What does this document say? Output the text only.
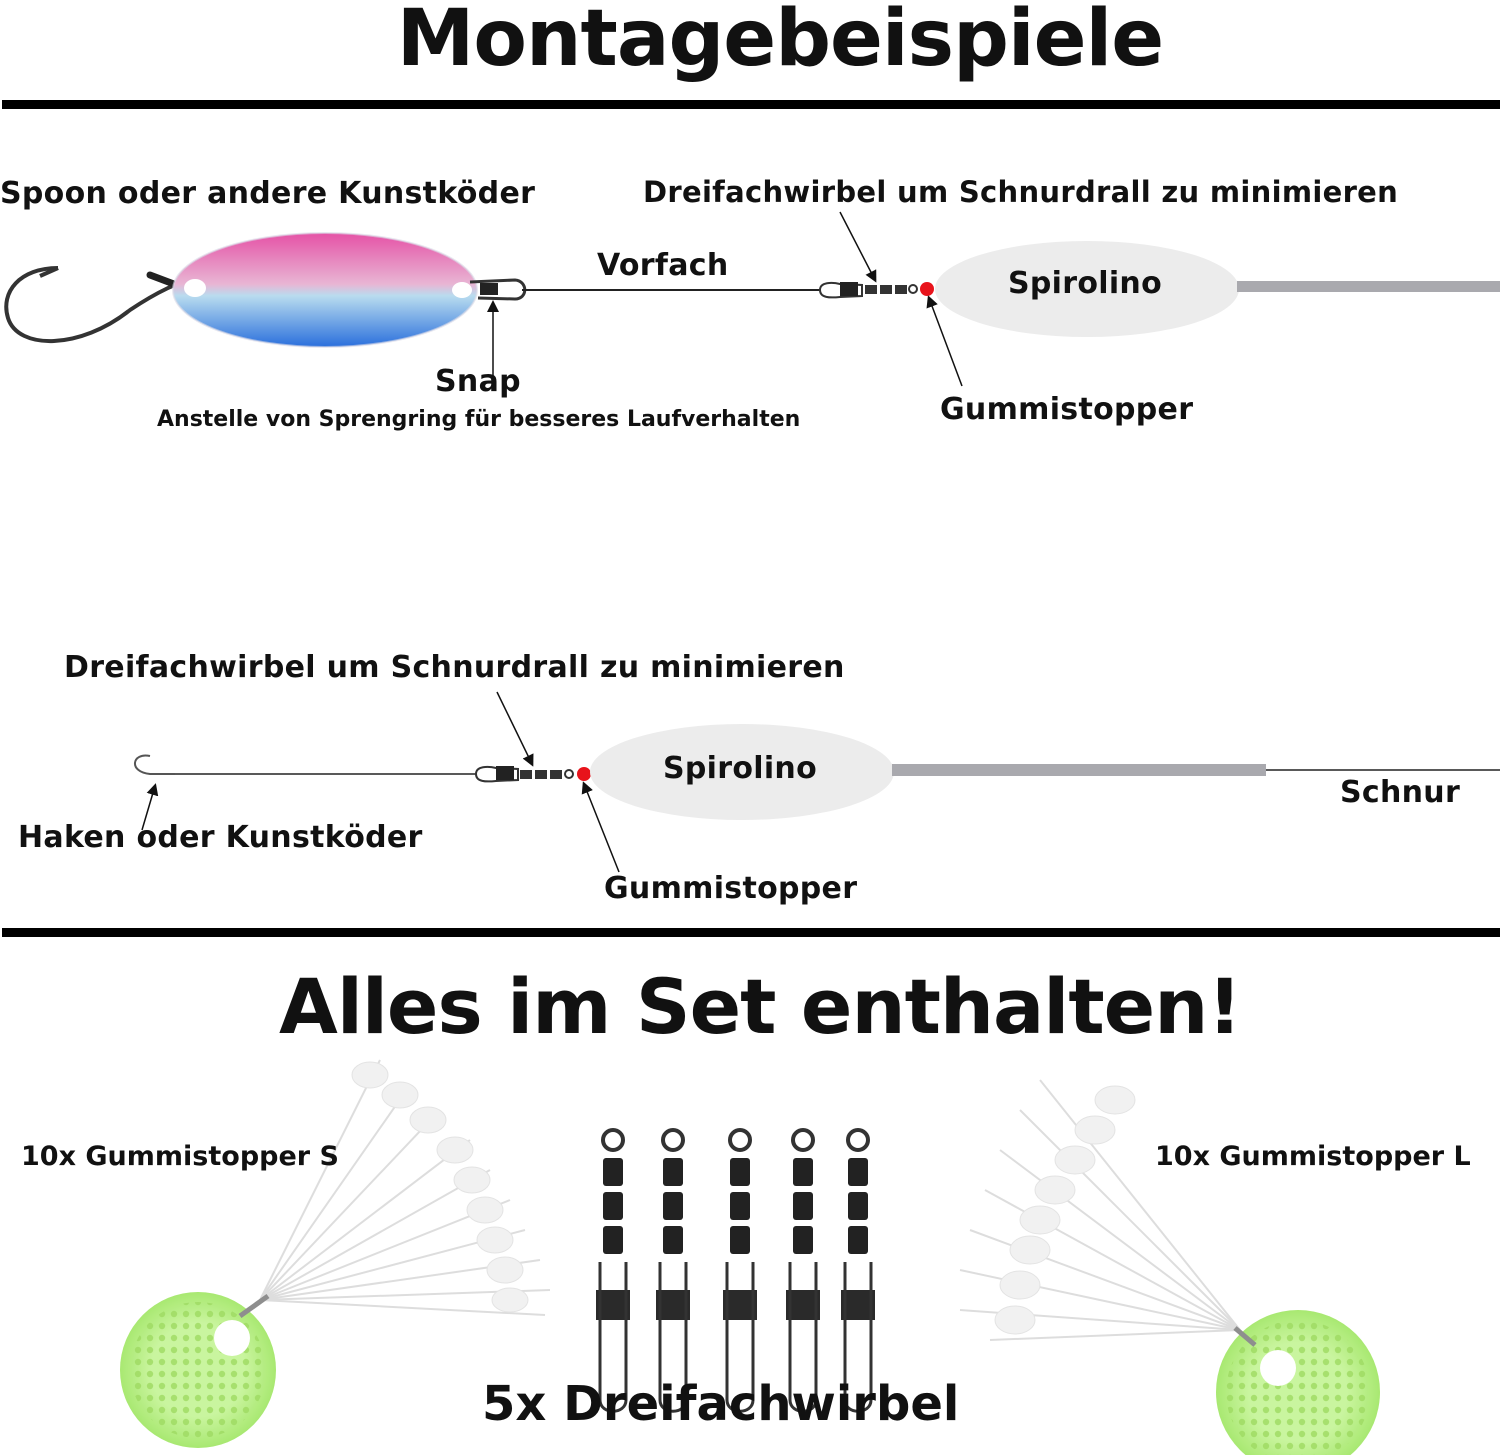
Montagebeispiele
Spoon oder andere Kunstköder	Dreifachwirbel um Schnurdrall zu minimieren
Vorfach
Spirolino
Snap
Anstelle von Sprengring für besseres Laufverhalten	Gummistopper
Dreifachwirbel um Schnurdrall zu minimieren
Spirolino
Schnur
Haken oder Kunstköder
Gummistopper
Alles im Set enthalten!
10x Gummistopper S	10x Gummistopper L
5x Dreifachwirbel
